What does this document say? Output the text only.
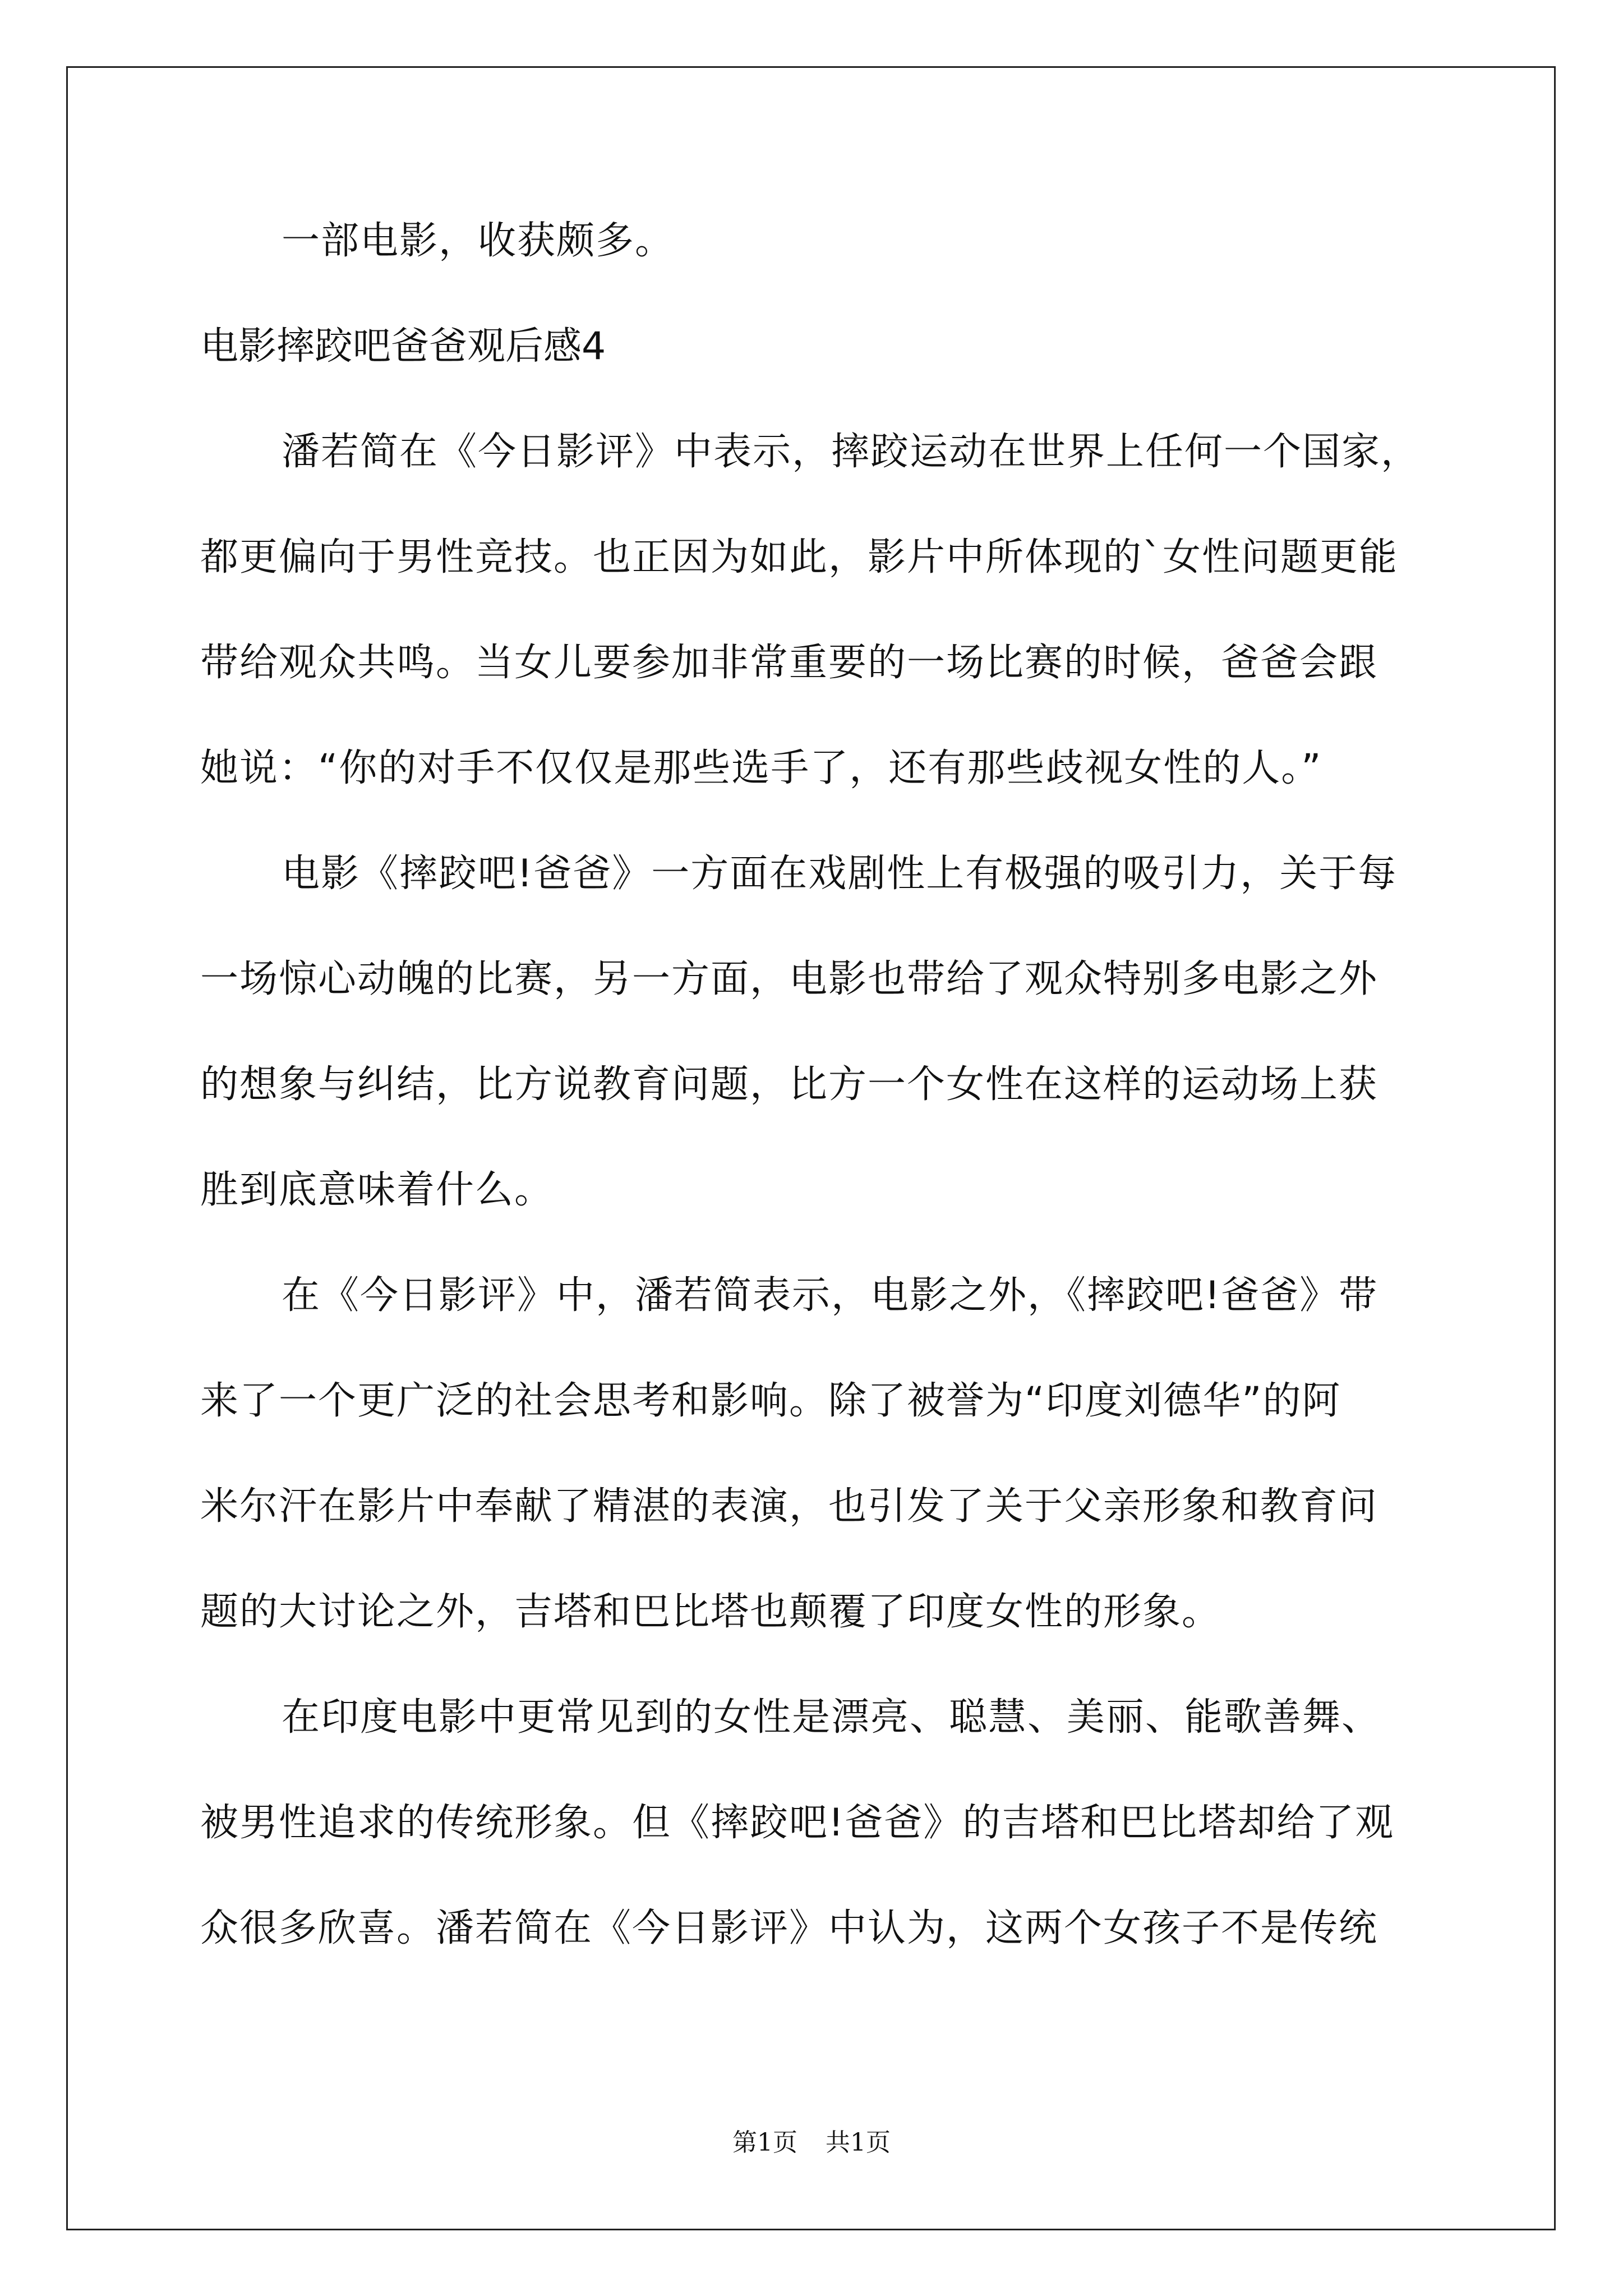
一部电影，收获颇多。
电影摔跤吧爸爸观后感4
潘若简在《今日影评》中表示，摔跤运动在世界上任何一个国家，
都更偏向于男性竞技。也正因为如此，影片中所体现的`女性问题更能
带给观众共鸣。当女儿要参加非常重要的一场比赛的时候，爸爸会跟
她说：“你的对手不仅仅是那些选手了，还有那些歧视女性的人。”
电影《摔跤吧!爸爸》一方面在戏剧性上有极强的吸引力，关于每
一场惊心动魄的比赛，另一方面，电影也带给了观众特别多电影之外
的想象与纠结，比方说教育问题，比方一个女性在这样的运动场上获
胜到底意味着什么。
在《今日影评》中，潘若简表示，电影之外，《摔跤吧!爸爸》带
来了一个更广泛的社会思考和影响。除了被誉为“印度刘德华”的阿
米尔汗在影片中奉献了精湛的表演，也引发了关于父亲形象和教育问
题的大讨论之外，吉塔和巴比塔也颠覆了印度女性的形象。
在印度电影中更常见到的女性是漂亮、聪慧、美丽、能歌善舞、
被男性追求的传统形象。但《摔跤吧!爸爸》的吉塔和巴比塔却给了观
众很多欣喜。潘若简在《今日影评》中认为，这两个女孩子不是传统
第1页 共1页
